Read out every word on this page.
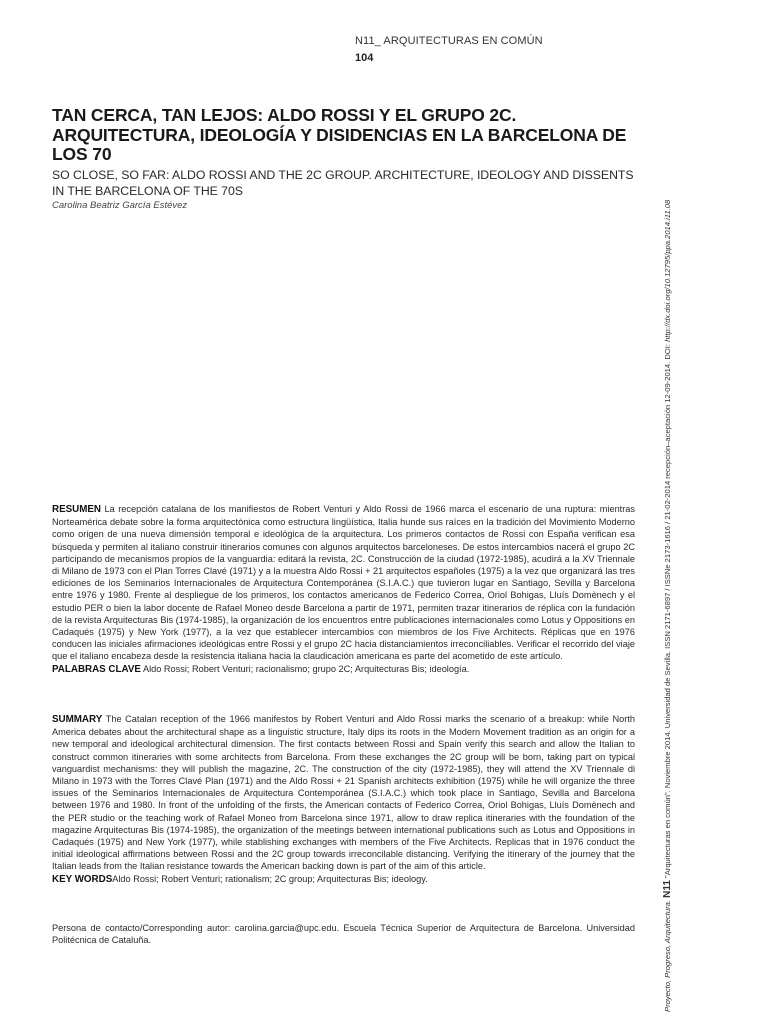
N11_ ARQUITECTURAS EN COMÚN
104
TAN CERCA, TAN LEJOS: ALDO ROSSI Y EL GRUPO 2C. ARQUITECTURA, IDEOLOGÍA Y DISIDENCIAS EN LA BARCELONA DE LOS 70
SO CLOSE, SO FAR: ALDO ROSSI AND THE 2C GROUP. ARCHITECTURE, IDEOLOGY AND DISSENTS IN THE BARCELONA OF THE 70S
Carolina Beatriz García Estévez
RESUMEN La recepción catalana de los manifiestos de Robert Venturi y Aldo Rossi de 1966 marca el escenario de una ruptura: mientras Norteamérica debate sobre la forma arquitectónica como estructura lingüística, Italia hunde sus raíces en la tradición del Movimiento Moderno como origen de una nueva dimensión temporal e ideológica de la arquitectura. Los primeros contactos de Rossi con España verifican esa búsqueda y permiten al italiano construir itinerarios comunes con algunos arquitectos barceloneses. De estos intercambios nacerá el grupo 2C participando de mecanismos propios de la vanguardia: editará la revista, 2C. Construcción de la ciudad (1972-1985), acudirá a la XV Triennale di Milano de 1973 con el Plan Torres Clavé (1971) y a la muestra Aldo Rossi + 21 arquitectos españoles (1975) a la vez que organizará las tres ediciones de los Seminarios Internacionales de Arquitectura Contemporánea (S.I.A.C.) que tuvieron lugar en Santiago, Sevilla y Barcelona entre 1976 y 1980. Frente al despliegue de los primeros, los contactos americanos de Federico Correa, Oriol Bohigas, Lluís Domènech y el estudio PER o bien la labor docente de Rafael Moneo desde Barcelona a partir de 1971, permiten trazar itinerarios de réplica con la fundación de la revista Arquitecturas Bis (1974-1985), la organización de los encuentros entre publicaciones internacionales como Lotus y Oppositions en Cadaqués (1975) y New York (1977), a la vez que establecer intercambios con miembros de los Five Architects. Réplicas que en 1976 conducen las iniciales afirmaciones ideológicas entre Rossi y el grupo 2C hacia distanciamientos irreconciliables. Verificar el recorrido del viaje que el italiano encabeza desde la resistencia italiana hacia la claudicación americana es parte del acometido de este artículo.
PALABRAS CLAVE Aldo Rossi; Robert Venturi; racionalismo; grupo 2C; Arquitecturas Bis; ideología.
SUMMARY The Catalan reception of the 1966 manifestos by Robert Venturi and Aldo Rossi marks the scenario of a breakup: while North America debates about the architectural shape as a linguistic structure, Italy dips its roots in the Modern Movement tradition as an origin for a new temporal and ideological architectural dimension. The first contacts between Rossi and Spain verify this search and allow the Italian to construct common itineraries with some architects from Barcelona. From these exchanges the 2C group will be born, taking part on typical vanguardist mechanisms: they will publish the magazine, 2C. The construction of the city (1972-1985), they will attend the XV Triennale di Milano in 1973 with the Torres Clavé Plan (1971) and the Aldo Rossi + 21 Spanish architects exhibition (1975) while he will organize the three issues of the Seminarios Internacionales de Arquitectura Contemporánea (S.I.A.C.) which took place in Santiago, Sevilla and Barcelona between 1976 and 1980. In front of the unfolding of the firsts, the American contacts of Federico Correa, Oriol Bohigas, Lluís Domènech and the PER studio or the teaching work of Rafael Moneo from Barcelona since 1971, allow to draw replica itineraries with the foundation of the magazine Arquitecturas Bis (1974-1985), the organization of the meetings between international publications such as Lotus and Oppositions in Cadaqués (1975) and New York (1977), while stablishing exchanges with members of the Five Architects. Replicas that in 1976 conduct the initial ideological affirmations between Rossi and the 2C group towards irreconcilable distancing. Verifying the itinerary of the journey that the Italian leads from the Italian resistance towards the American backing down is part of the aim of this article.
KEY WORDSAldo Rossi; Robert Venturi; rationalism; 2C group; Arquitecturas Bis; ideology.
Persona de contacto/Corresponding autor: carolina.garcia@upc.edu. Escuela Técnica Superior de Arquitectura de Barcelona. Universidad Politécnica de Cataluña.	Proyecto, Progreso, Arquitectura. N11 "Arquitecturas en común". Noviembre 2014. Universidad de Sevilla. ISSN 2171-6897 / ISSNe 2173-1616 / 21-02-2014 recepción–aceptación 12-09-2014. DOI: http://dx.doi.org/10.12795/ppa.2014.i11.08
